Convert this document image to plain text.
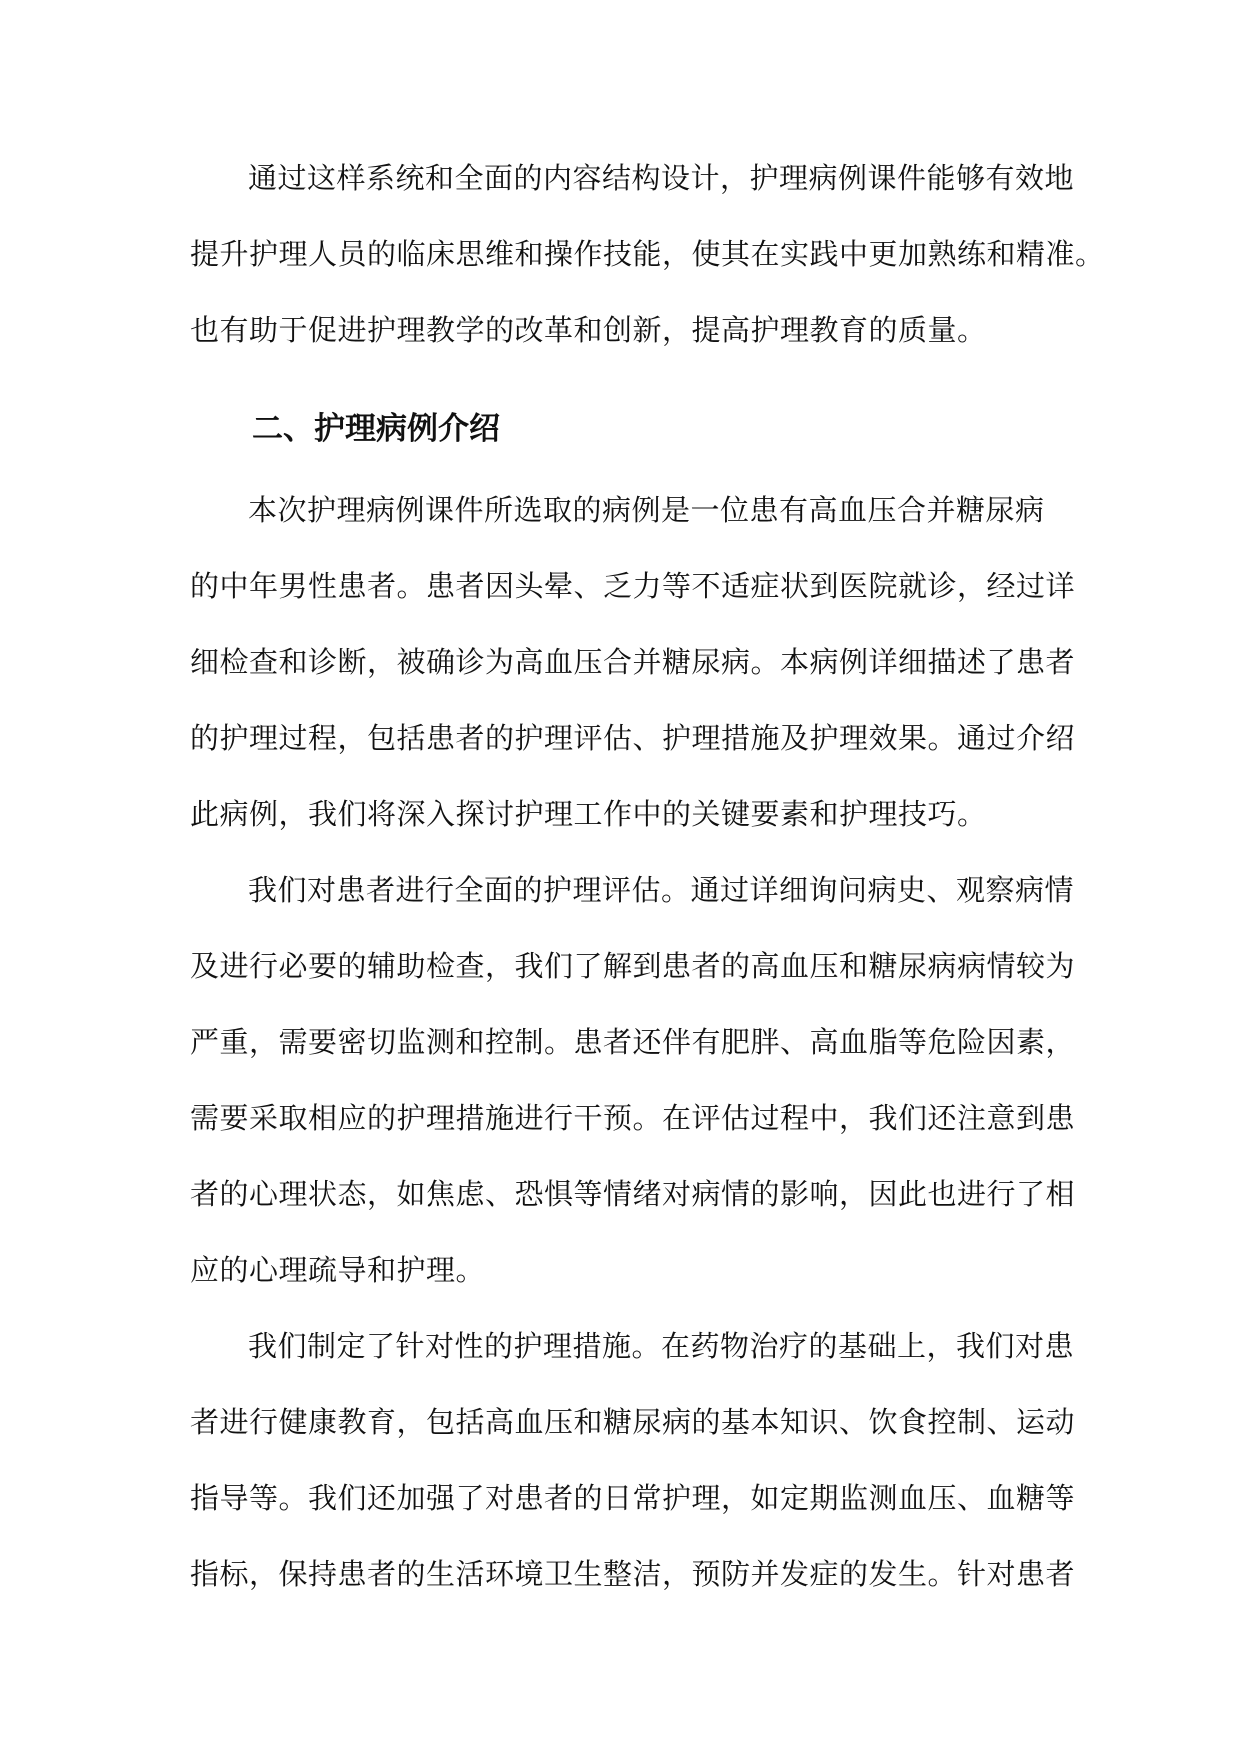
通过这样系统和全面的内容结构设计，护理病例课件能够有效地
提升护理人员的临床思维和操作技能，使其在实践中更加熟练和精准。
也有助于促进护理教学的改革和创新，提高护理教育的质量。
二、护理病例介绍
本次护理病例课件所选取的病例是一位患有高血压合并糖尿病
的中年男性患者。患者因头晕、乏力等不适症状到医院就诊，经过详
细检查和诊断，被确诊为高血压合并糖尿病。本病例详细描述了患者
的护理过程，包括患者的护理评估、护理措施及护理效果。通过介绍
此病例，我们将深入探讨护理工作中的关键要素和护理技巧。
我们对患者进行全面的护理评估。通过详细询问病史、观察病情
及进行必要的辅助检查，我们了解到患者的高血压和糖尿病病情较为
严重，需要密切监测和控制。患者还伴有肥胖、高血脂等危险因素，
需要采取相应的护理措施进行干预。在评估过程中，我们还注意到患
者的心理状态，如焦虑、恐惧等情绪对病情的影响，因此也进行了相
应的心理疏导和护理。
我们制定了针对性的护理措施。在药物治疗的基础上，我们对患
者进行健康教育，包括高血压和糖尿病的基本知识、饮食控制、运动
指导等。我们还加强了对患者的日常护理，如定期监测血压、血糖等
指标，保持患者的生活环境卫生整洁，预防并发症的发生。针对患者
